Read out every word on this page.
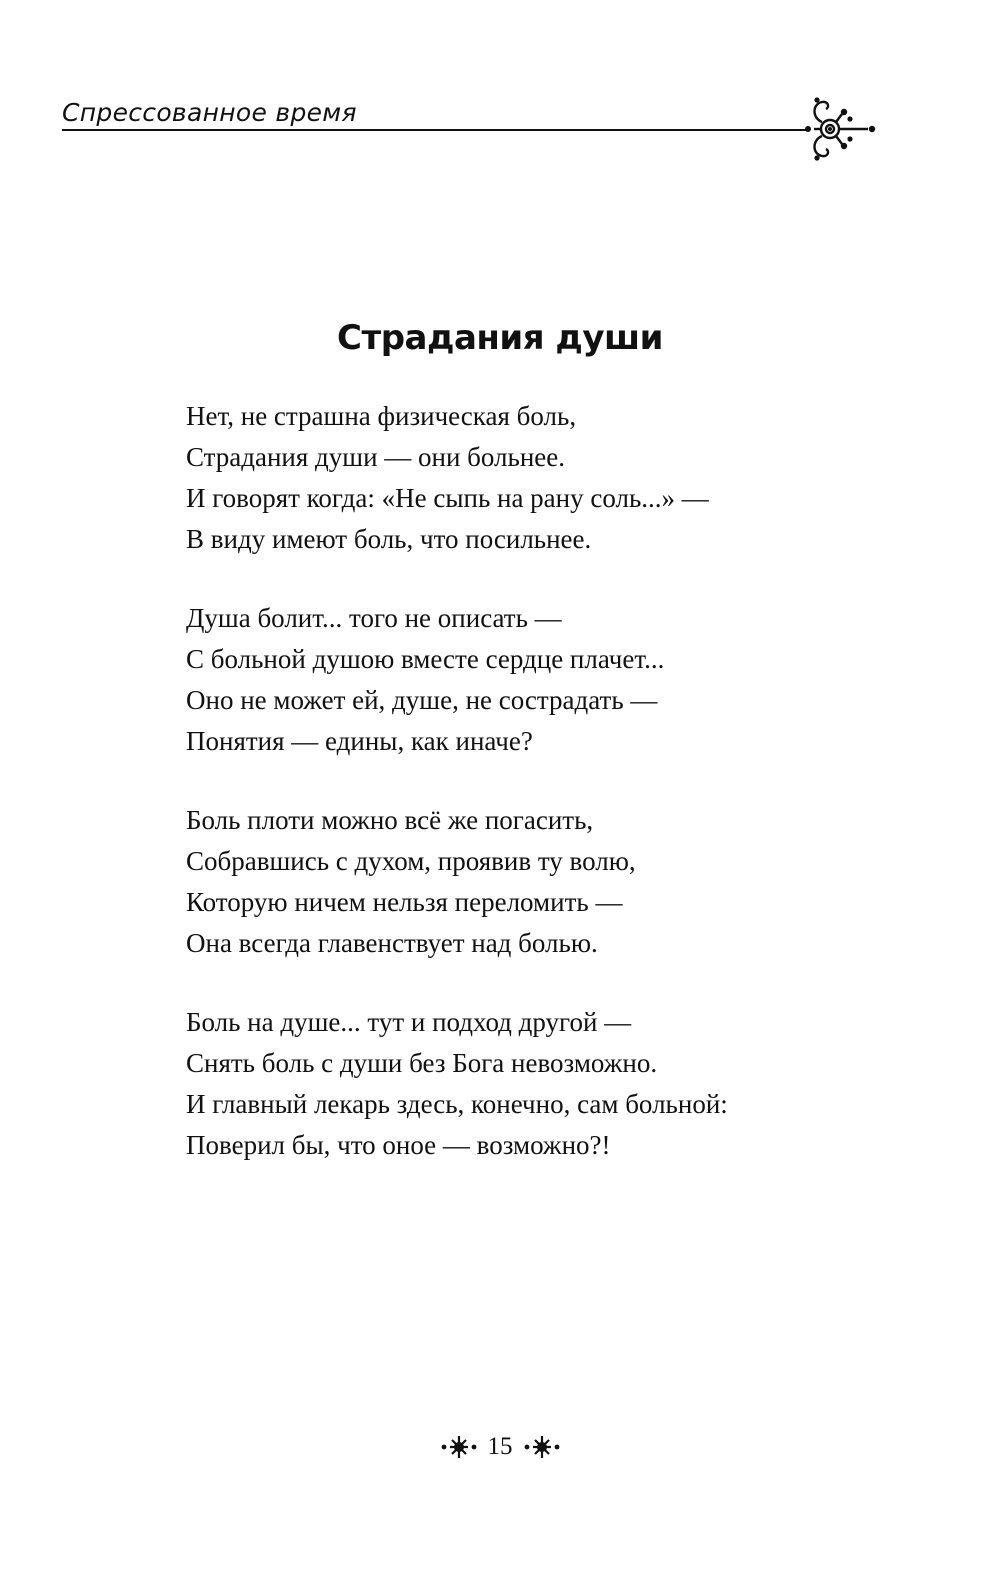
Спрессованное время
Страдания души
Нет, не страшна физическая боль,
Страдания души — они больнее.
И говорят когда: «Не сыпь на рану соль...» —
В виду имеют боль, что посильнее.
Душа болит... того не описать —
С больной душою вместе сердце плачет...
Оно не может ей, душе, не сострадать —
Понятия — едины, как иначе?
Боль плоти можно всё же погасить,
Собравшись с духом, проявив ту волю,
Которую ничем нельзя переломить —
Она всегда главенствует над болью.
Боль на душе... тут и подход другой —
Снять боль с души без Бога невозможно.
И главный лекарь здесь, конечно, сам больной:
Поверил бы, что оное — возможно?!
15
